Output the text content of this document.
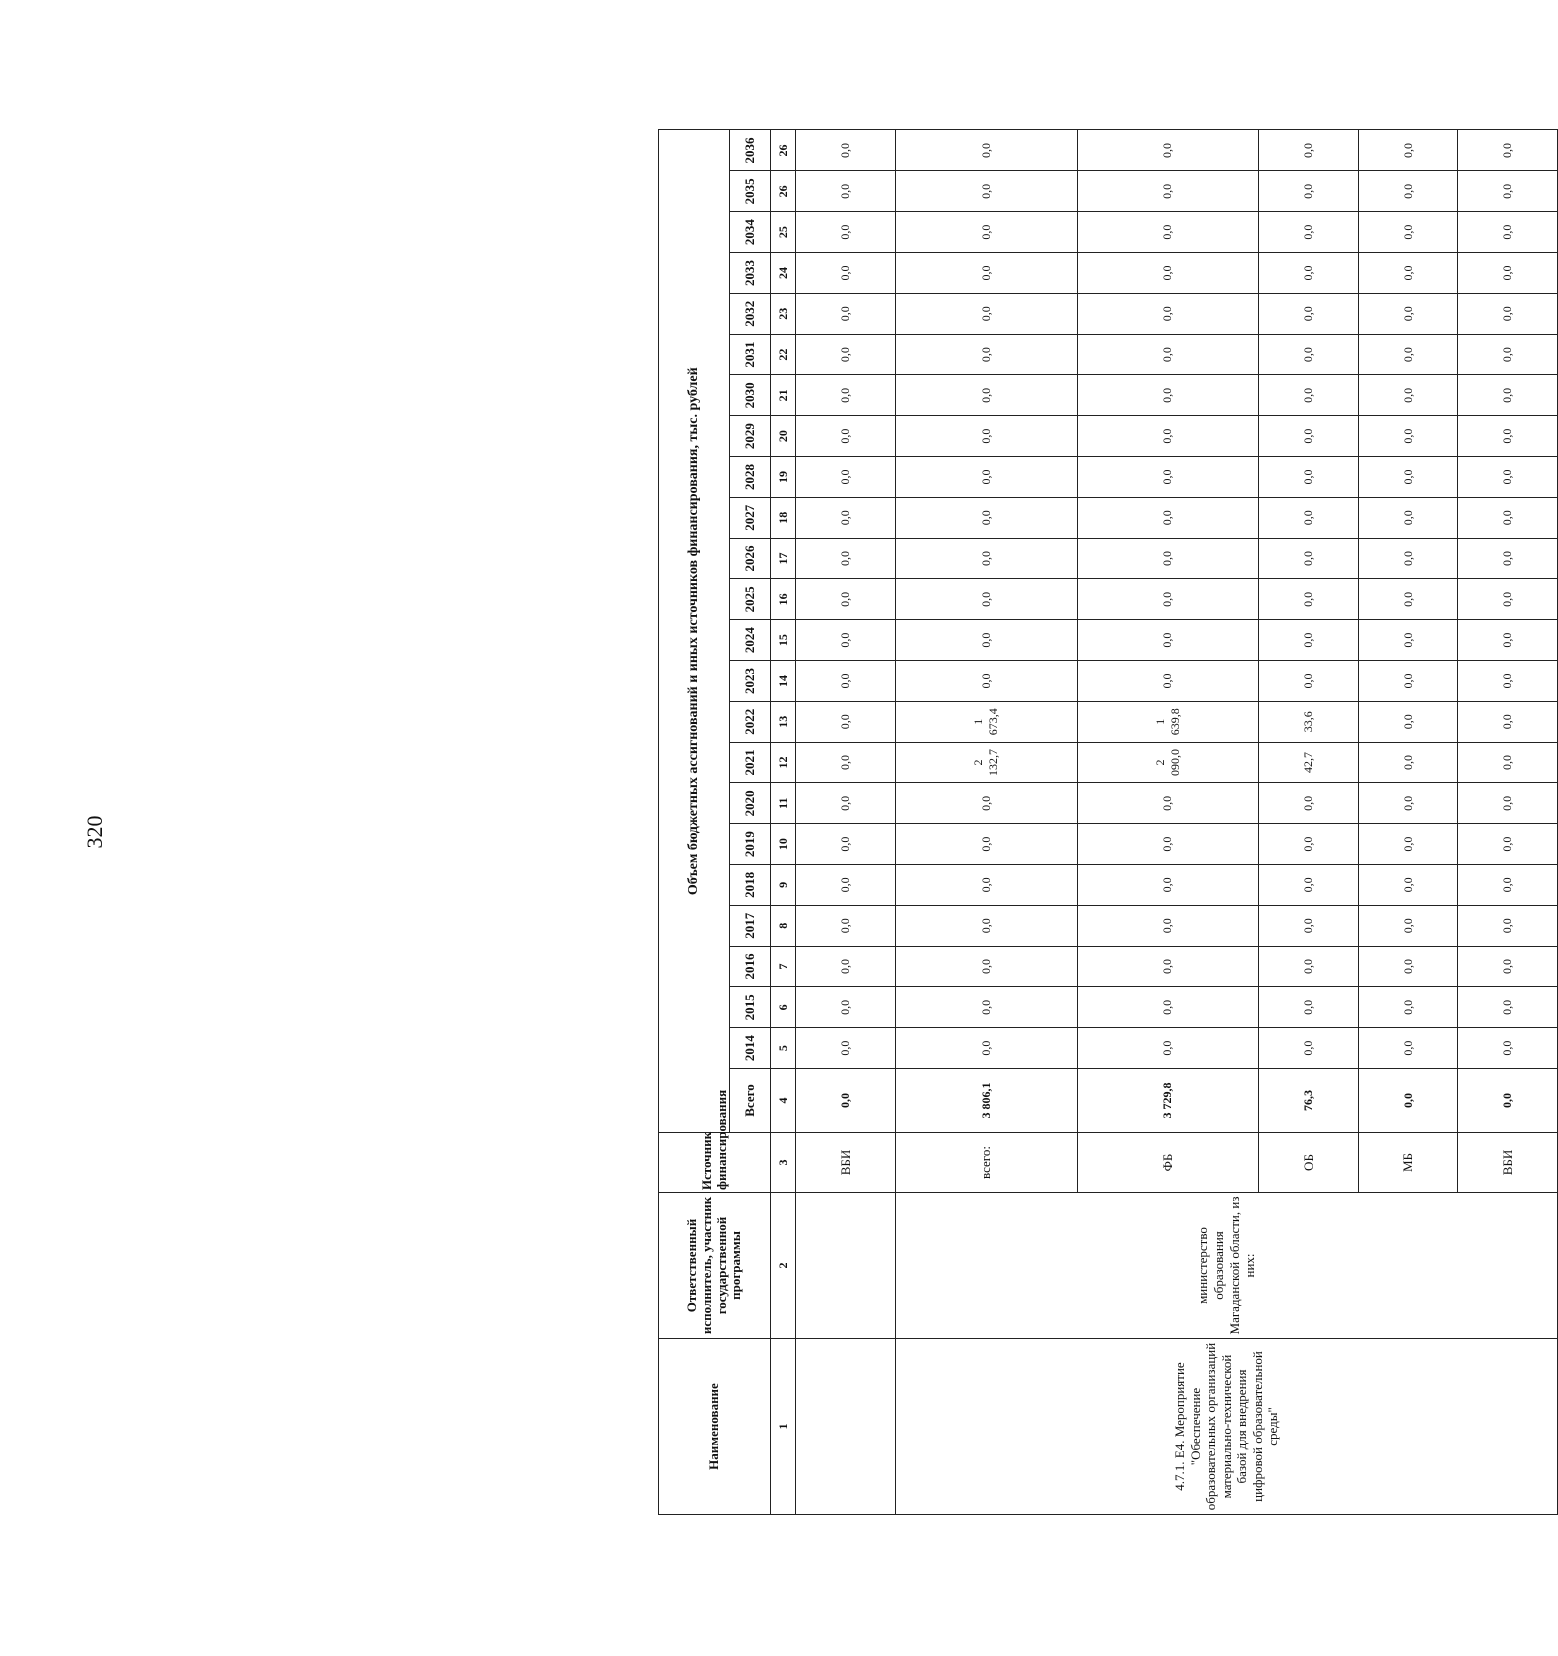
320
Наименование	Ответственный исполнитель, участник государственной программы	Источник финансирования	Объем бюджетных ассигнований и иных источников финансирования, тыс. рублей																							
			Всего	2014	2015	2016	2017	2018	2019	2020	2021	2022	2023	2024	2025	2026	2027	2028	2029	2030	2031	2032	2033	2034	2035	2036
1	2	3	4	5	6	7	8	9	10	11	12	13	14	15	16	17	18	19	20	21	22	23	24	25	26	26
		ВБИ	0,0	0,0	0,0	0,0	0,0	0,0	0,0	0,0	0,0	0,0	0,0	0,0	0,0	0,0	0,0	0,0	0,0	0,0	0,0	0,0	0,0	0,0	0,0	0,0
4.7.1. Е4. Мероприятие "Обеспечение образовательных организаций материально-технической базой для внедрения цифровой образовательной среды"	министерство образования Магаданской области, из них:	всего:	3 806,1	0,0	0,0	0,0	0,0	0,0	0,0	0,0	2 132,7	1 673,4	0,0	0,0	0,0	0,0	0,0	0,0	0,0	0,0	0,0	0,0	0,0	0,0	0,0	0,0
		ФБ	3 729,8	0,0	0,0	0,0	0,0	0,0	0,0	0,0	2 090,0	1 639,8	0,0	0,0	0,0	0,0	0,0	0,0	0,0	0,0	0,0	0,0	0,0	0,0	0,0	0,0
		ОБ	76,3	0,0	0,0	0,0	0,0	0,0	0,0	0,0	42,7	33,6	0,0	0,0	0,0	0,0	0,0	0,0	0,0	0,0	0,0	0,0	0,0	0,0	0,0	0,0
		МБ	0,0	0,0	0,0	0,0	0,0	0,0	0,0	0,0	0,0	0,0	0,0	0,0	0,0	0,0	0,0	0,0	0,0	0,0	0,0	0,0	0,0	0,0	0,0	0,0
		ВБИ	0,0	0,0	0,0	0,0	0,0	0,0	0,0	0,0	0,0	0,0	0,0	0,0	0,0	0,0	0,0	0,0	0,0	0,0	0,0	0,0	0,0	0,0	0,0	0,0
